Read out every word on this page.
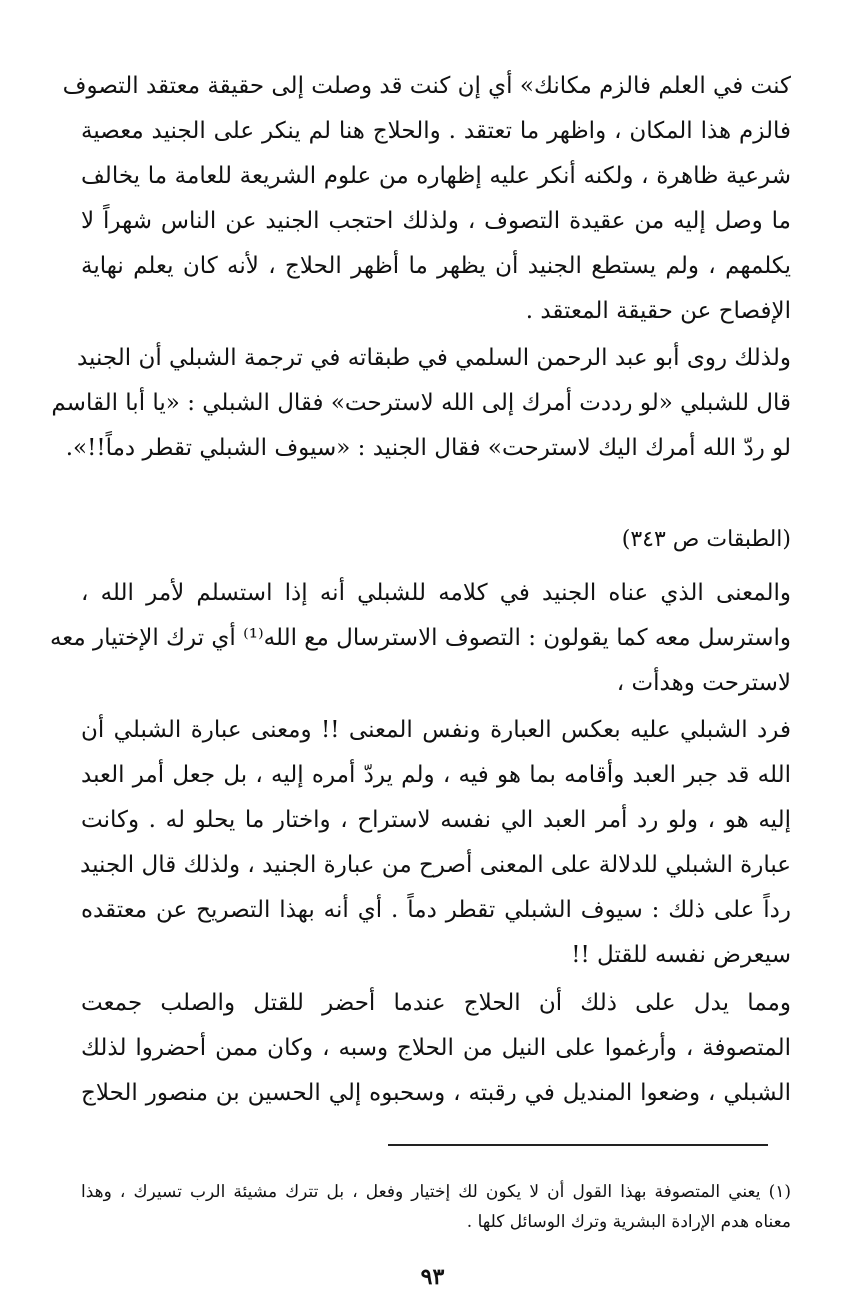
كنت في العلم فالزم مكانك» أي إن كنت قد وصلت إلى حقيقة معتقد التصوف
فالزم هذا المكان ، واظهر ما تعتقد . والحلاج هنا لم ينكر على الجنيد معصية
شرعية ظاهرة ، ولكنه أنكر عليه إظهاره من علوم الشريعة للعامة ما يخالف
ما وصل إليه من عقيدة التصوف ، ولذلك احتجب الجنيد عن الناس شهراً لا
يكلمهم ، ولم يستطع الجنيد أن يظهر ما أظهر الحلاج ، لأنه كان يعلم نهاية
الإفصاح عن حقيقة المعتقد .
ولذلك روى أبو عبد الرحمن السلمي في طبقاته في ترجمة الشبلي أن الجنيد
قال للشبلي «لو رددت أمرك إلى الله لاسترحت» فقال الشبلي : «يا أبا القاسم
لو ردّ الله أمرك اليك لاسترحت» فقال الجنيد : «سيوف الشبلي تقطر دماً!!».
(الطبقات ص ٣٤٣)
والمعنى الذي عناه الجنيد في كلامه للشبلي أنه إذا استسلم لأمر الله ،
واسترسل معه كما يقولون : التصوف الاسترسال مع الله⁽¹⁾ أي ترك الإختيار معه
لاسترحت وهدأت ،
فرد الشبلي عليه بعكس العبارة ونفس المعنى !! ومعنى عبارة الشبلي أن
الله قد جبر العبد وأقامه بما هو فيه ، ولم يردّ أمره إليه ، بل جعل أمر العبد
إليه هو ، ولو رد أمر العبد الي نفسه لاستراح ، واختار ما يحلو له . وكانت
عبارة الشبلي للدلالة على المعنى أصرح من عبارة الجنيد ، ولذلك قال الجنيد
رداً على ذلك : سيوف الشبلي تقطر دماً . أي أنه بهذا التصريح عن معتقده
سيعرض نفسه للقتل !!
ومما يدل على ذلك أن الحلاج عندما أحضر للقتل والصلب جمعت
المتصوفة ، وأرغموا على النيل من الحلاج وسبه ، وكان ممن أحضروا لذلك
الشبلي ، وضعوا المنديل في رقبته ، وسحبوه إلي الحسين بن منصور الحلاج
(١) يعني المتصوفة بهذا القول أن لا يكون لك إختيار وفعل ، بل تترك مشيئة الرب تسيرك ، وهذا
معناه هدم الإرادة البشرية وترك الوسائل كلها .
٩٣
